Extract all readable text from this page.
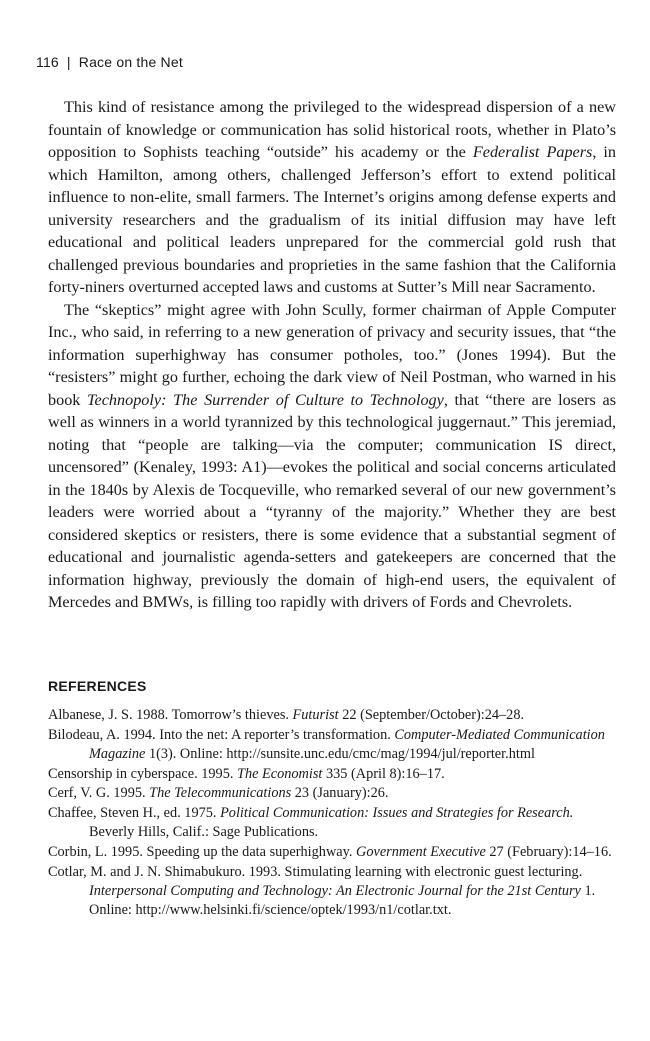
116 | Race on the Net

This kind of resistance among the privileged to the widespread dispersion of a new fountain of knowledge or communication has solid historical roots, whether in Plato’s opposition to Sophists teaching “outside” his academy or the Federalist Papers, in which Hamilton, among others, challenged Jefferson’s effort to extend political influence to non-elite, small farmers. The Internet’s origins among defense experts and university researchers and the gradualism of its initial diffusion may have left educational and political leaders unprepared for the commercial gold rush that challenged previous boundaries and proprieties in the same fashion that the California forty-niners overturned accepted laws and customs at Sutter’s Mill near Sacramento.

The “skeptics” might agree with John Scully, former chairman of Apple Computer Inc., who said, in referring to a new generation of privacy and security issues, that “the information superhighway has consumer potholes, too.” (Jones 1994). But the “resisters” might go further, echoing the dark view of Neil Postman, who warned in his book Technopoly: The Surrender of Culture to Technology, that “there are losers as well as winners in a world tyrannized by this technological juggernaut.” This jeremiad, noting that “people are talking—via the computer; communication IS direct, uncensored” (Kenaley, 1993: A1)—evokes the political and social concerns articulated in the 1840s by Alexis de Tocqueville, who remarked several of our new government’s leaders were worried about a “tyranny of the majority.” Whether they are best considered skeptics or resisters, there is some evidence that a substantial segment of educational and journalistic agenda-setters and gatekeepers are concerned that the information highway, previously the domain of high-end users, the equivalent of Mercedes and BMWs, is filling too rapidly with drivers of Fords and Chevrolets.

REFERENCES
Albanese, J. S. 1988. Tomorrow’s thieves. Futurist 22 (September/October):24–28.
Bilodeau, A. 1994. Into the net: A reporter’s transformation. Computer-Mediated Communication Magazine 1(3). Online: http://sunsite.unc.edu/cmc/mag/1994/jul/reporter.html
Censorship in cyberspace. 1995. The Economist 335 (April 8):16–17.
Cerf, V. G. 1995. The Telecommunications 23 (January):26.
Chaffee, Steven H., ed. 1975. Political Communication: Issues and Strategies for Research. Beverly Hills, Calif.: Sage Publications.
Corbin, L. 1995. Speeding up the data superhighway. Government Executive 27 (February):14–16.
Cotlar, M. and J. N. Shimabukuro. 1993. Stimulating learning with electronic guest lecturing. Interpersonal Computing and Technology: An Electronic Journal for the 21st Century 1. Online: http://www.helsinki.fi/science/optek/1993/n1/cotlar.txt.
